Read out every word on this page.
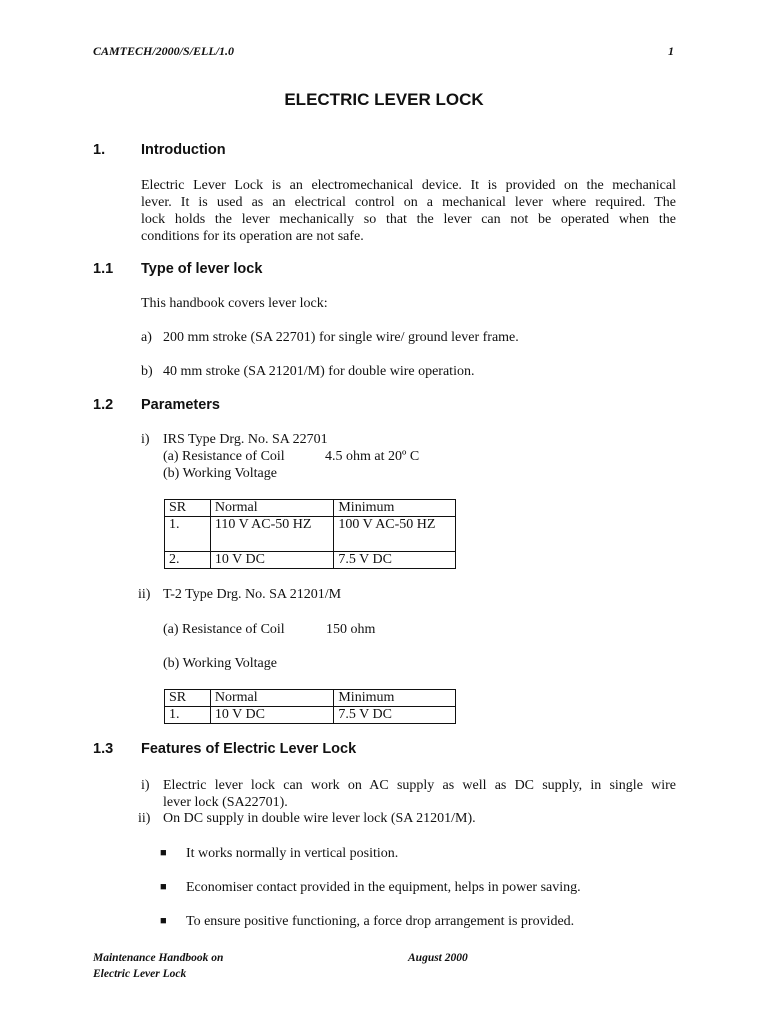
CAMTECH/2000/S/ELL/1.0	1
ELECTRIC LEVER LOCK
1. Introduction
Electric Lever Lock is an electromechanical device. It is provided on the mechanical
lever. It is used as an electrical control on a mechanical lever where required. The
lock holds the lever mechanically so that the lever can not be operated when the
conditions for its operation are not safe.
1.1 Type of lever lock
This handbook covers lever lock:
a) 200 mm stroke (SA 22701) for single wire/ ground lever frame.
b) 40 mm stroke (SA 21201/M) for double wire operation.
1.2 Parameters
i) IRS Type Drg. No. SA 22701
(a) Resistance of Coil	4.5 ohm at 20º C
(b) Working Voltage
SR	Normal	Minimum
1.	110 V AC-50 HZ	100 V AC-50 HZ
2.	10 V DC	7.5 V DC
ii) T-2 Type Drg. No. SA 21201/M
(a) Resistance of Coil	150 ohm
(b) Working Voltage
SR	Normal	Minimum
1.	10 V DC	7.5 V DC
1.3 Features of Electric Lever Lock
i) Electric lever lock can work on AC supply as well as DC supply, in single wire
lever lock (SA22701).
ii) On DC supply in double wire lever lock (SA 21201/M).
■ It works normally in vertical position.
■ Economiser contact provided in the equipment, helps in power saving.
■ To ensure positive functioning, a force drop arrangement is provided.
Maintenance Handbook on
Electric Lever Lock
August 2000
